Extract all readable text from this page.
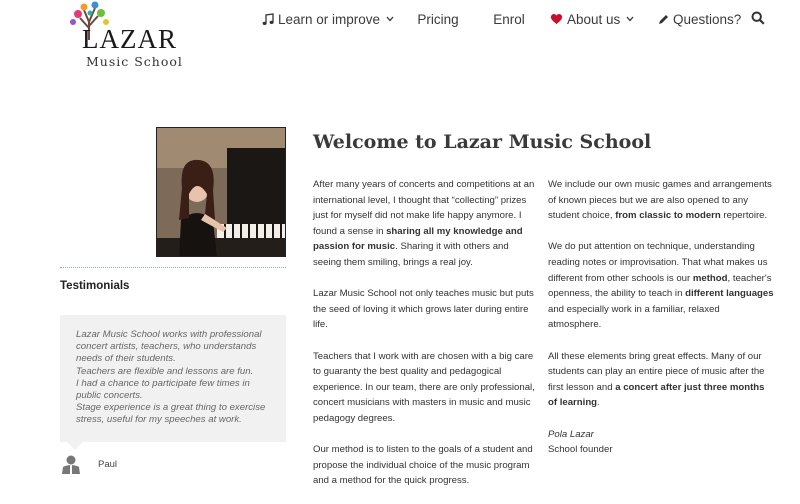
LAZAR
Music School
Learn or improve	Pricing	Enrol	About us	Questions?
Testimonials
Lazar Music School works with professional
concert artists, teachers, who understands
needs of their students.
Teachers are flexible and lessons are fun.
I had a chance to participate few times in
public concerts.
Stage experience is a great thing to exercise
stress, useful for my speeches at work.
Paul
Welcome to Lazar Music School

After many years of concerts and competitions at an international level, I thought that “collecting” prizes just for myself did not make life happy anymore. I found a sense in sharing all my knowledge and passion for music. Sharing it with others and seeing them smiling, brings a real joy.

Lazar Music School not only teaches music but puts the seed of loving it which grows later during entire life.

Teachers that I work with are chosen with a big care to guaranty the best quality and pedagogical experience. In our team, there are only professional, concert musicians with masters in music and music pedagogy degrees.

Our method is to listen to the goals of a student and propose the individual choice of the music program and a method for the quick progress.

We include our own music games and arrangements of known pieces but we are also opened to any student choice, from classic to modern repertoire.

We do put attention on technique, understanding reading notes or improvisation. That what makes us different from other schools is our method, teacher's openness, the ability to teach in different languages and especially work in a familiar, relaxed atmosphere.

All these elements bring great effects. Many of our students can play an entire piece of music after the first lesson and a concert after just three months of learning.

Pola Lazar
School founder
